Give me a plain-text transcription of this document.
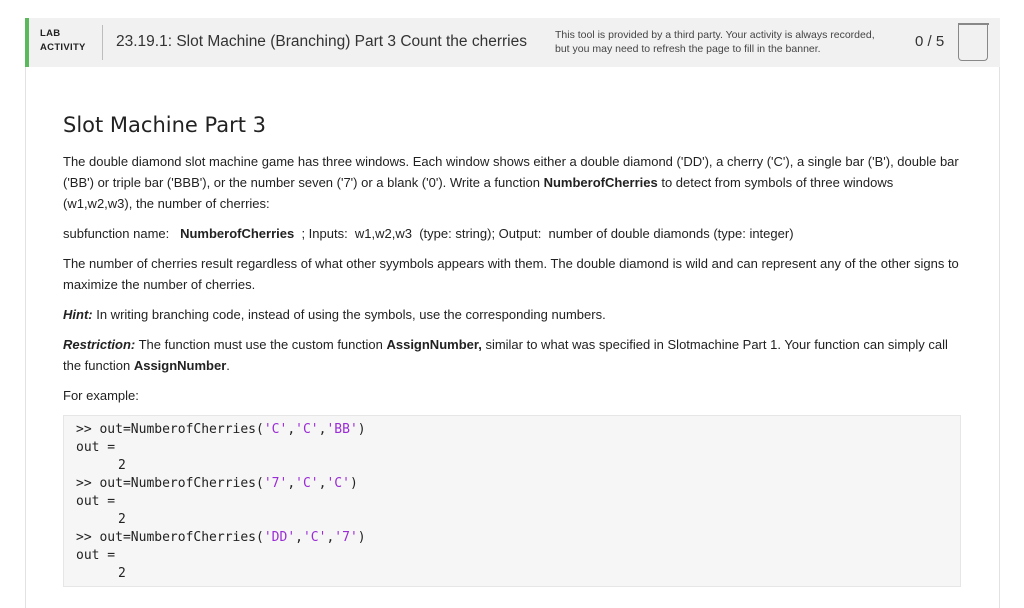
LAB
ACTIVITY	23.19.1: Slot Machine (Branching) Part 3 Count the cherries	This tool is provided by a third party. Your activity is always recorded,
but you may need to refresh the page to fill in the banner.	0 / 5
Slot Machine Part 3

The double diamond slot machine game has three windows. Each window shows either a double diamond ('DD'), a cherry ('C'), a single bar ('B'), double bar ('BB') or triple bar ('BBB'), or the number seven ('7') or a blank ('0'). Write a function NumberofCherries to detect from symbols of three windows (w1,w2,w3), the number of cherries:

subfunction name:   NumberofCherries  ; Inputs:  w1,w2,w3  (type: string); Output:  number of double diamonds (type: integer)

The number of cherries result regardless of what other syymbols appears with them. The double diamond is wild and can represent any of the other signs to maximize the number of cherries.

Hint: In writing branching code, instead of using the symbols, use the corresponding numbers.

Restriction: The function must use the custom function AssignNumber, similar to what was specified in Slotmachine Part 1. Your function can simply call the function AssignNumber.

For example:

>> out=NumberofCherries('C','C','BB')
out =
2
>> out=NumberofCherries('7','C','C')
out =
2
>> out=NumberofCherries('DD','C','7')
out =
2
